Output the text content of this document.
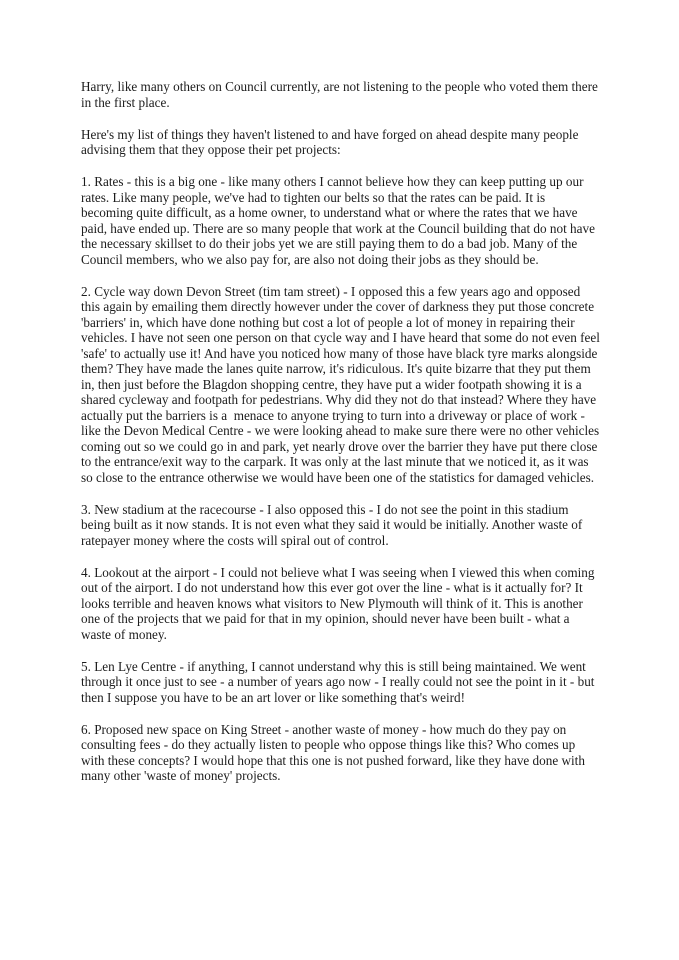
Harry, like many others on Council currently, are not listening to the people who voted them there in the first place.

Here's my list of things they haven't listened to and have forged on ahead despite many people advising them that they oppose their pet projects:

1. Rates - this is a big one - like many others I cannot believe how they can keep putting up our rates. Like many people, we've had to tighten our belts so that the rates can be paid. It is becoming quite difficult, as a home owner, to understand what or where the rates that we have paid, have ended up. There are so many people that work at the Council building that do not have the necessary skillset to do their jobs yet we are still paying them to do a bad job. Many of the Council members, who we also pay for, are also not doing their jobs as they should be.

2. Cycle way down Devon Street (tim tam street) - I opposed this a few years ago and opposed this again by emailing them directly however under the cover of darkness they put those concrete 'barriers' in, which have done nothing but cost a lot of people a lot of money in repairing their vehicles. I have not seen one person on that cycle way and I have heard that some do not even feel 'safe' to actually use it! And have you noticed how many of those have black tyre marks alongside them? They have made the lanes quite narrow, it's ridiculous. It's quite bizarre that they put them in, then just before the Blagdon shopping centre, they have put a wider footpath showing it is a shared cycleway and footpath for pedestrians. Why did they not do that instead? Where they have actually put the barriers is a  menace to anyone trying to turn into a driveway or place of work - like the Devon Medical Centre - we were looking ahead to make sure there were no other vehicles coming out so we could go in and park, yet nearly drove over the barrier they have put there close to the entrance/exit way to the carpark. It was only at the last minute that we noticed it, as it was so close to the entrance otherwise we would have been one of the statistics for damaged vehicles.

3. New stadium at the racecourse - I also opposed this - I do not see the point in this stadium being built as it now stands. It is not even what they said it would be initially. Another waste of ratepayer money where the costs will spiral out of control.

4. Lookout at the airport - I could not believe what I was seeing when I viewed this when coming out of the airport. I do not understand how this ever got over the line - what is it actually for? It looks terrible and heaven knows what visitors to New Plymouth will think of it. This is another one of the projects that we paid for that in my opinion, should never have been built - what a waste of money.

5. Len Lye Centre - if anything, I cannot understand why this is still being maintained. We went through it once just to see - a number of years ago now - I really could not see the point in it - but then I suppose you have to be an art lover or like something that's weird!

6. Proposed new space on King Street - another waste of money - how much do they pay on consulting fees - do they actually listen to people who oppose things like this? Who comes up with these concepts? I would hope that this one is not pushed forward, like they have done with many other 'waste of money' projects.
